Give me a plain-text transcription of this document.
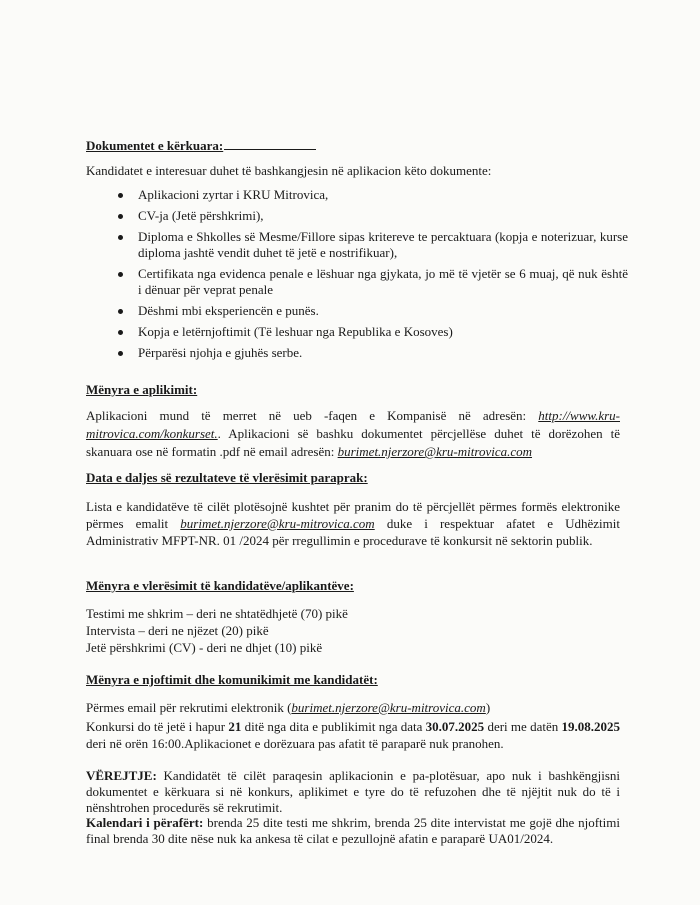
Dokumentet e kërkuara:

Kandidatet e interesuar duhet të bashkangjesin në aplikacion këto dokumente:

Aplikacioni zyrtar i KRU Mitrovica,
CV-ja (Jetë përshkrimi),
Diploma e Shkolles së Mesme/Fillore sipas kritereve te percaktuara (kopja e noterizuar, kurse diploma jashtë vendit duhet të jetë e nostrifikuar),
Certifikata nga evidenca penale e lëshuar nga gjykata, jo më të vjetër se 6 muaj, që nuk është i dënuar për veprat penale
Dëshmi mbi eksperiencën e punës.
Kopja e letërnjoftimit (Të leshuar nga Republika e Kosoves)
Përparësi njohja e gjuhës serbe.
Mënyra e aplikimit:

Aplikacioni mund të merret në ueb -faqen e Kompanisë në adresën: http://www.kru-mitrovica.com/konkurset.. Aplikacioni së bashku dokumentet përcjellëse duhet të dorëzohen të skanuara ose në formatin .pdf në email adresën: burimet.njerzore@kru-mitrovica.com

Data e daljes së rezultateve të vlerësimit paraprak:

Lista e kandidatëve të cilët plotësojnë kushtet për pranim do të përcjellët përmes formës elektronike përmes emalit burimet.njerzore@kru-mitrovica.com duke i respektuar afatet e Udhëzimit Administrativ MFPT-NR. 01 /2024 për rregullimin e procedurave të konkursit në sektorin publik.

Mënyra e vlerësimit të kandidatëve/aplikantëve:

Testimi me shkrim – deri ne shtatëdhjetë (70) pikë

Intervista – deri ne njëzet (20) pikë

Jetë përshkrimi (CV) - deri ne dhjet (10) pikë

Mënyra e njoftimit dhe komunikimit me kandidatët:

Përmes email për rekrutimi elektronik (burimet.njerzore@kru-mitrovica.com)

Konkursi do të jetë i hapur 21 ditë nga dita e publikimit nga data 30.07.2025 deri me datën 19.08.2025 deri në orën 16:00.Aplikacionet e dorëzuara pas afatit të paraparë nuk pranohen.

VËREJTJE: Kandidatët të cilët paraqesin aplikacionin e pa-plotësuar, apo nuk i bashkëngjisni dokumentet e kërkuara si në konkurs, aplikimet e tyre do të refuzohen dhe të njëjtit nuk do të i nënshtrohen procedurës së rekrutimit.

Kalendari i përafërt: brenda 25 dite testi me shkrim, brenda 25 dite intervistat me gojë dhe njoftimi final brenda 30 dite nëse nuk ka ankesa të cilat e pezullojnë afatin e paraparë UA01/2024.
